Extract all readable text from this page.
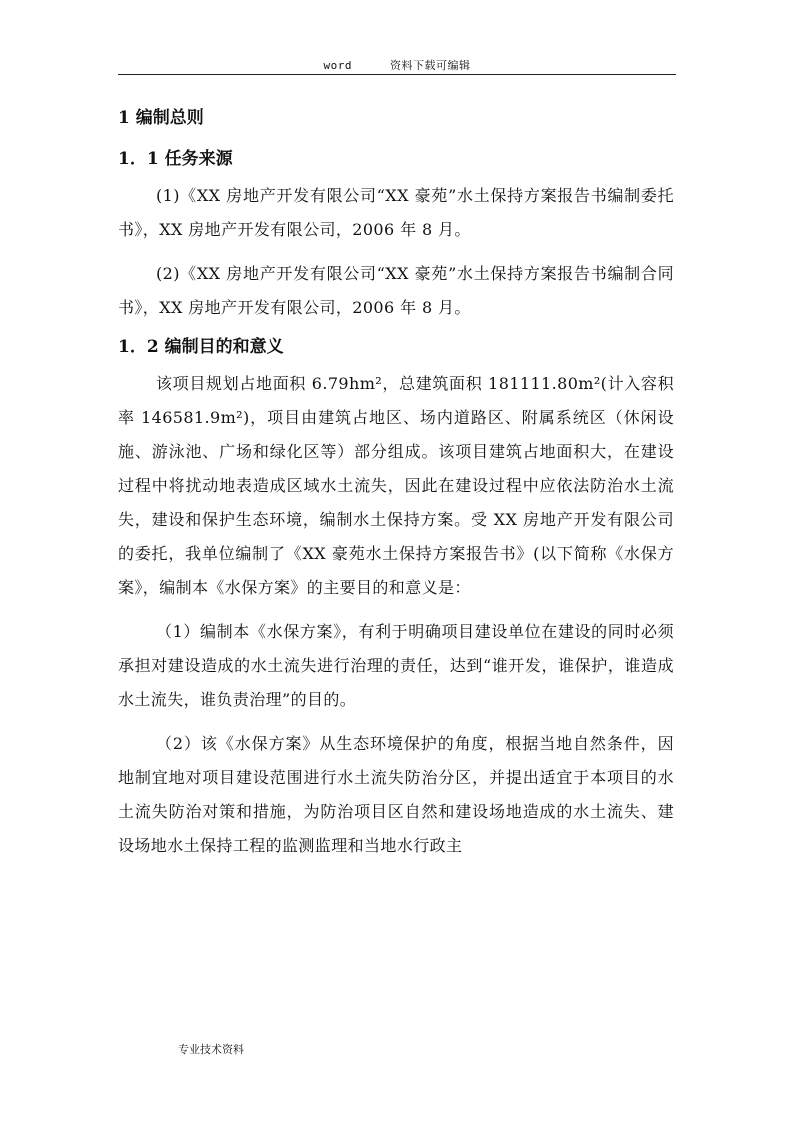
word	资料下载可编辑
1 编制总则
1．1 任务来源

(1)《XX 房地产开发有限公司“XX 豪苑”水土保持方案报告书编制委托书》，XX 房地产开发有限公司，2006 年 8 月。

(2)《XX 房地产开发有限公司“XX 豪苑”水土保持方案报告书编制合同书》，XX 房地产开发有限公司，2006 年 8 月。

1．2 编制目的和意义

该项目规划占地面积 6.79hm²，总建筑面积 181111.80m²(计入容积率 146581.9m²)，项目由建筑占地区、场内道路区、附属系统区（休闲设施、游泳池、广场和绿化区等）部分组成。该项目建筑占地面积大，在建设过程中将扰动地表造成区域水土流失，因此在建设过程中应依法防治水土流失，建设和保护生态环境，编制水土保持方案。受 XX 房地产开发有限公司的委托，我单位编制了《XX 豪苑水土保持方案报告书》(以下简称《水保方案》，编制本《水保方案》的主要目的和意义是：

（1）编制本《水保方案》，有利于明确项目建设单位在建设的同时必须承担对建设造成的水土流失进行治理的责任，达到“谁开发，谁保护，谁造成水土流失，谁负责治理”的目的。

（2）该《水保方案》从生态环境保护的角度，根据当地自然条件，因地制宜地对项目建设范围进行水土流失防治分区，并提出适宜于本项目的水土流失防治对策和措施，为防治项目区自然和建设场地造成的水土流失、建设场地水土保持工程的监测监理和当地水行政主

专业技术资料
